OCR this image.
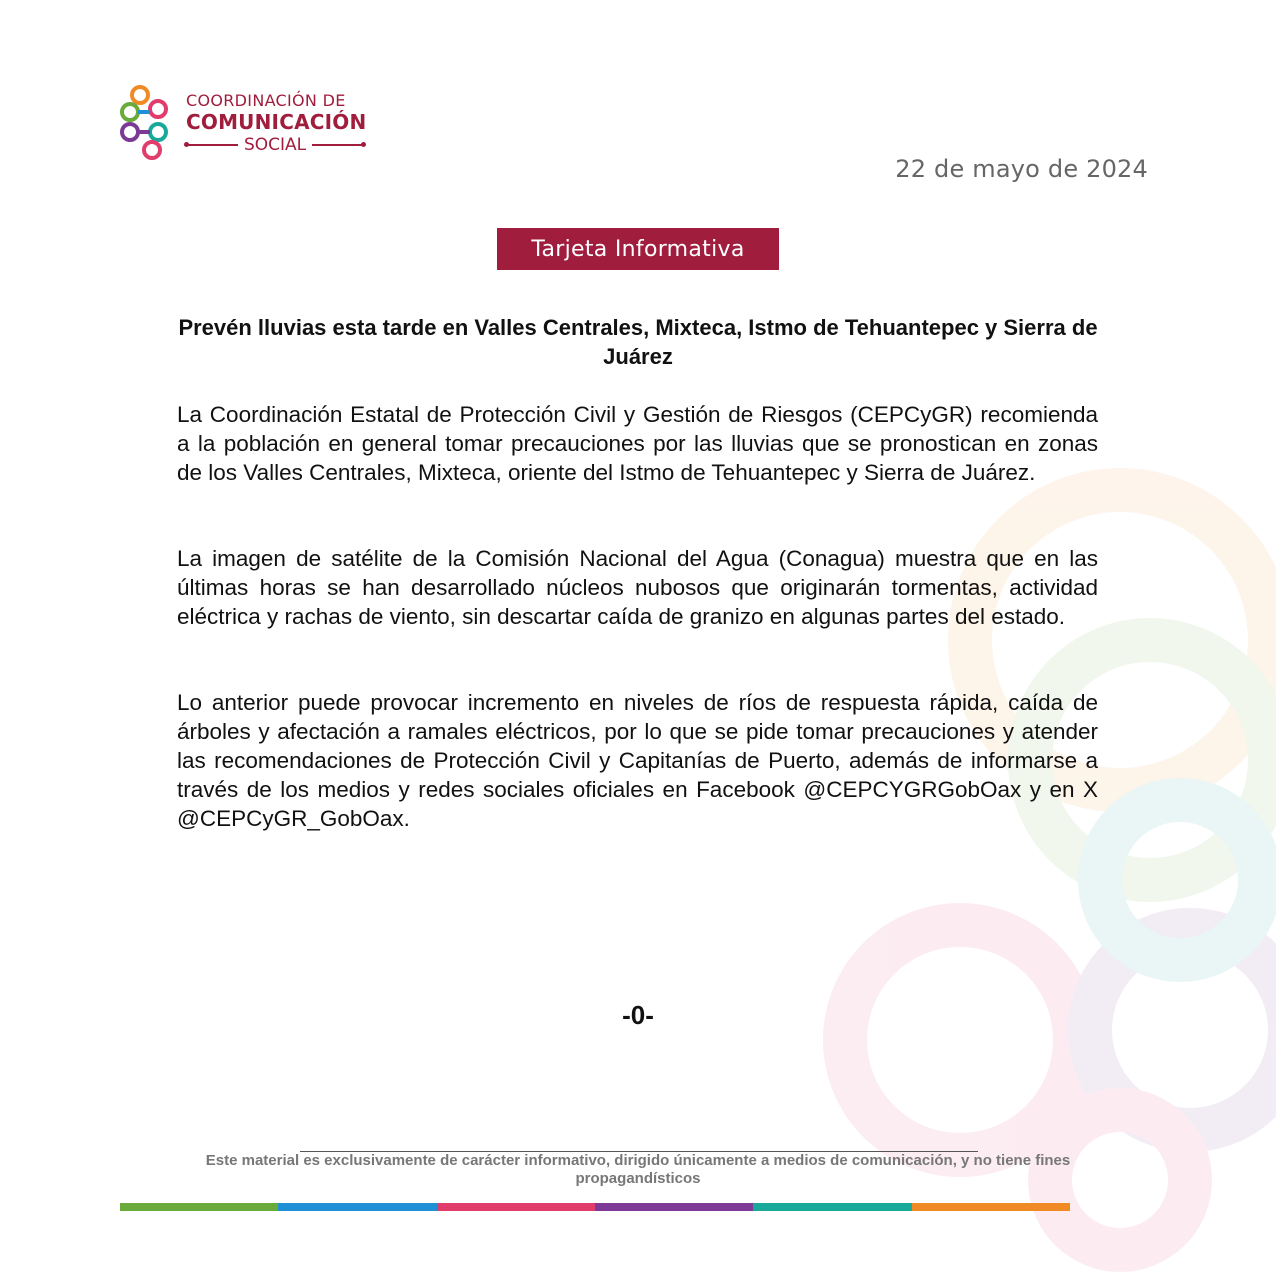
COORDINACIÓN DE
COMUNICACIÓN
SOCIAL
22 de mayo de 2024
Tarjeta Informativa
Prevén lluvias esta tarde en Valles Centrales, Mixteca, Istmo de Tehuantepec y Sierra de Juárez
La Coordinación Estatal de Protección Civil y Gestión de Riesgos (CEPCyGR) recomienda a la población en general tomar precauciones por las lluvias que se pronostican en zonas de los Valles Centrales, Mixteca, oriente del Istmo de Tehuantepec y Sierra de Juárez.
La imagen de satélite de la Comisión Nacional del Agua (Conagua) muestra que en las últimas horas se han desarrollado núcleos nubosos que originarán tormentas, actividad eléctrica y rachas de viento, sin descartar caída de granizo en algunas partes del estado.
Lo anterior puede provocar incremento en niveles de ríos de respuesta rápida, caída de árboles y afectación a ramales eléctricos, por lo que se pide tomar precauciones y atender las recomendaciones de Protección Civil y Capitanías de Puerto, además de informarse a través de los medios y redes sociales oficiales en Facebook @CEPCYGRGobOax y en X @CEPCyGR_GobOax.
-0-
Este material es exclusivamente de carácter informativo, dirigido únicamente a medios de comunicación, y no tiene fines propagandísticos
